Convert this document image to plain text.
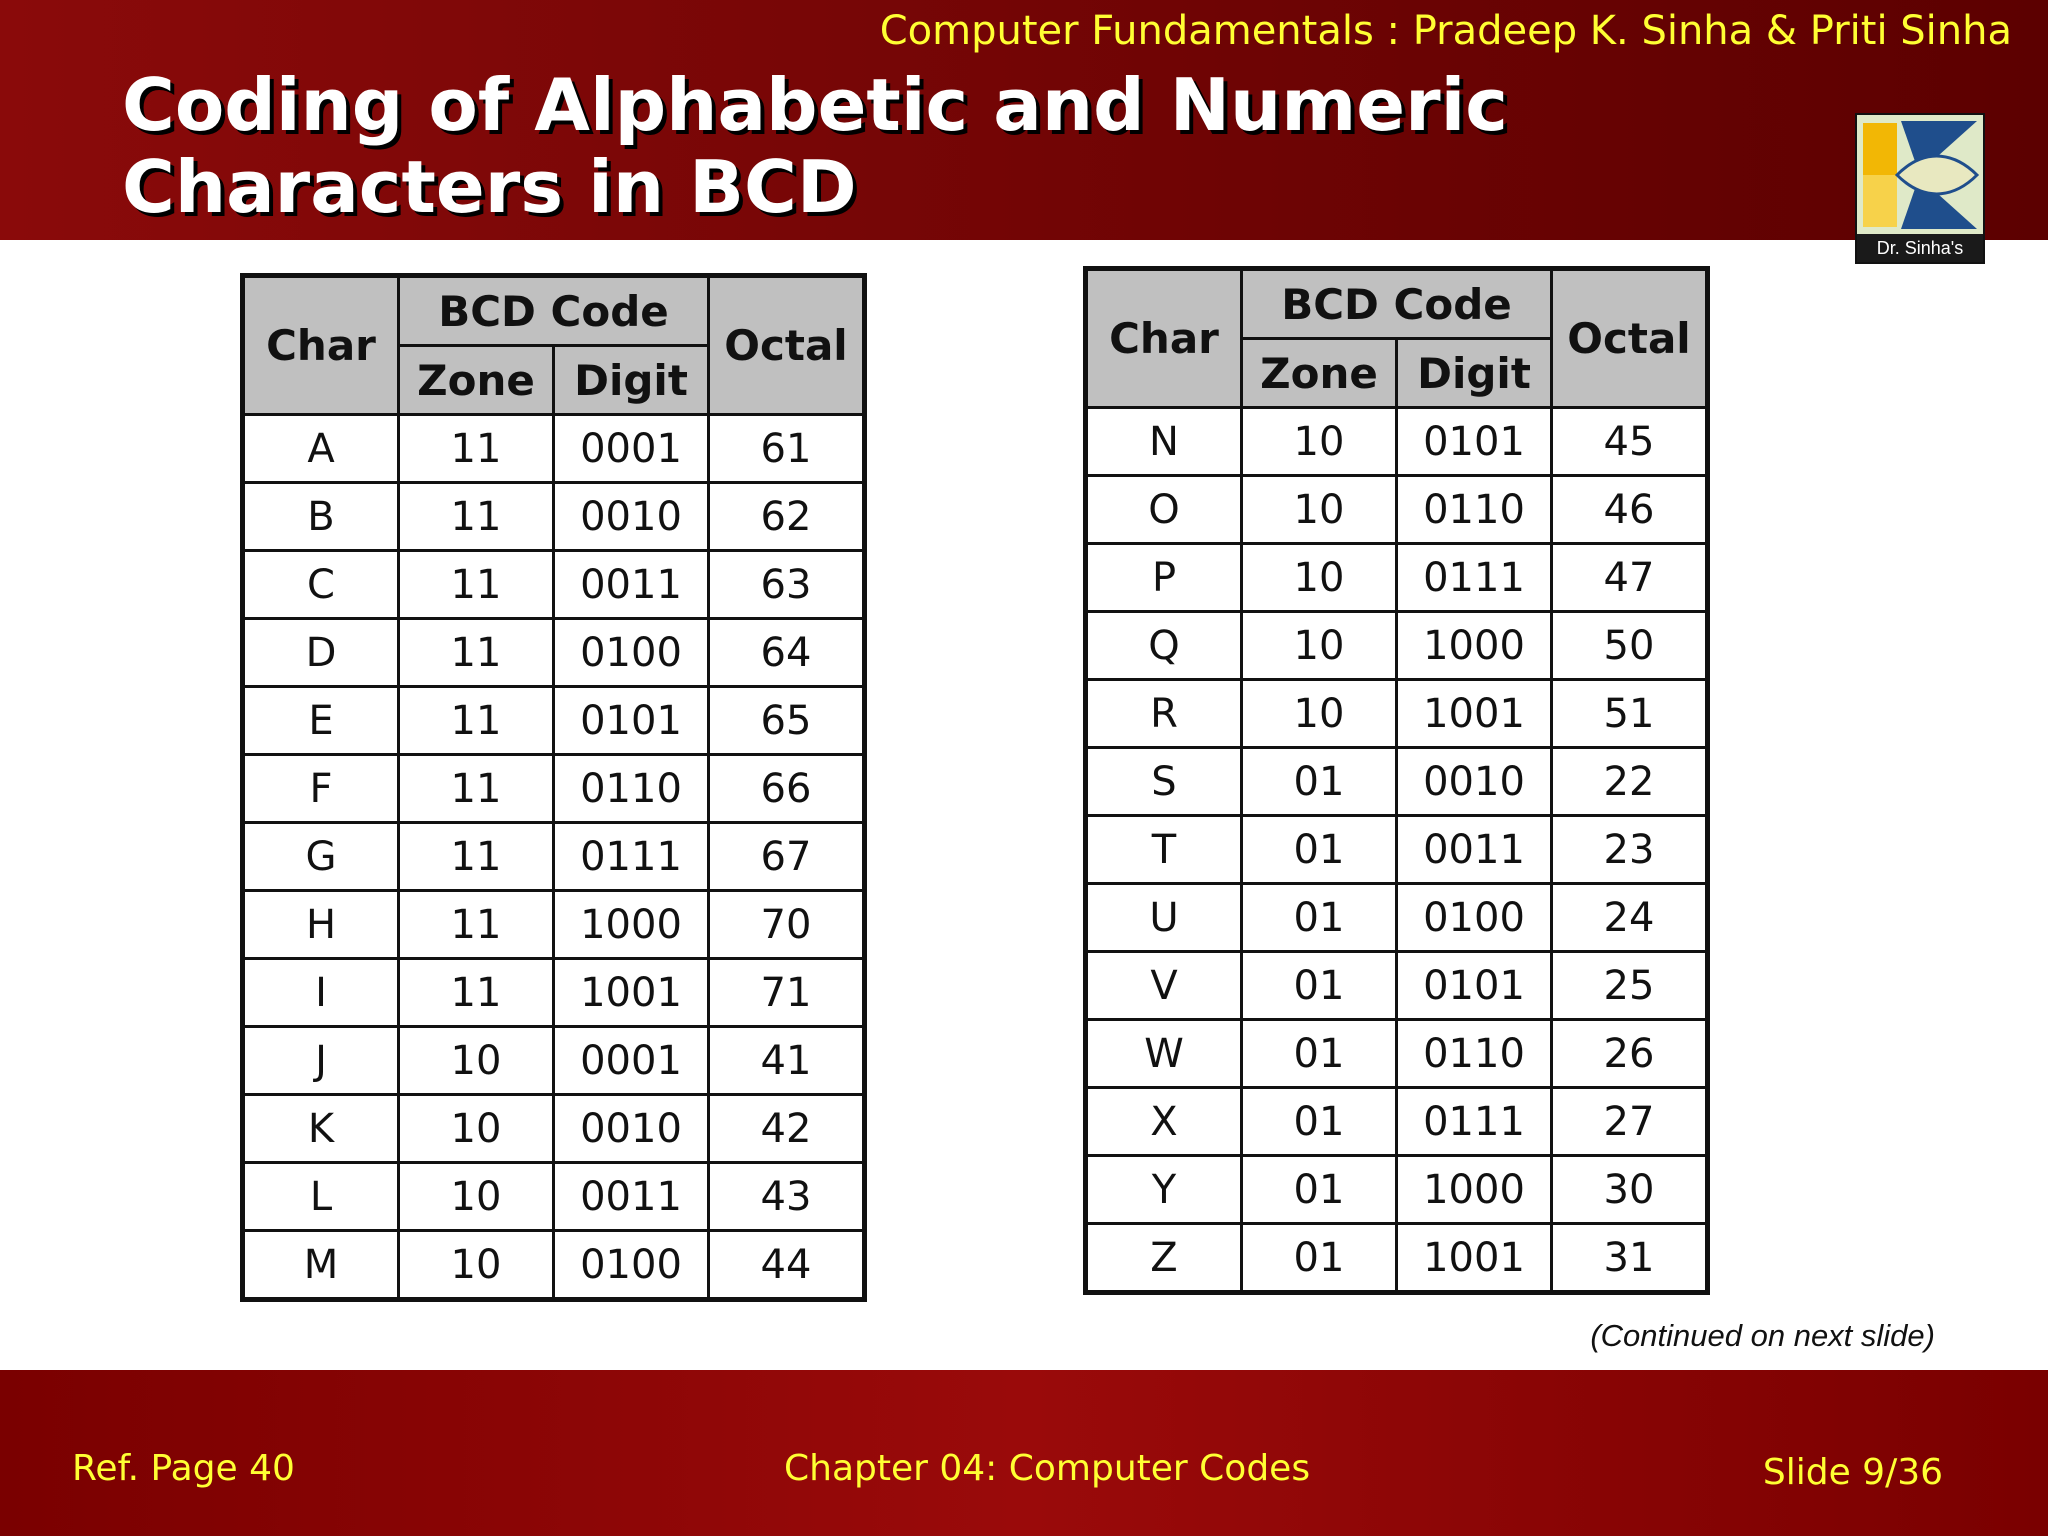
Computer Fundamentals : Pradeep K. Sinha & Priti Sinha
Coding of Alphabetic and Numeric
Characters in BCD
Dr. Sinha's
Char	BCD Code		Octal
	Zone	Digit	
A	11	0001	61
B	11	0010	62
C	11	0011	63
D	11	0100	64
E	11	0101	65
F	11	0110	66
G	11	0111	67
H	11	1000	70
I	11	1001	71
J	10	0001	41
K	10	0010	42
L	10	0011	43
M	10	0100	44
Char	BCD Code		Octal
	Zone	Digit	
N	10	0101	45
O	10	0110	46
P	10	0111	47
Q	10	1000	50
R	10	1001	51
S	01	0010	22
T	01	0011	23
U	01	0100	24
V	01	0101	25
W	01	0110	26
X	01	0111	27
Y	01	1000	30
Z	01	1001	31
(Continued on next slide)
Ref. Page 40	Chapter 04: Computer Codes	Slide 9/36
